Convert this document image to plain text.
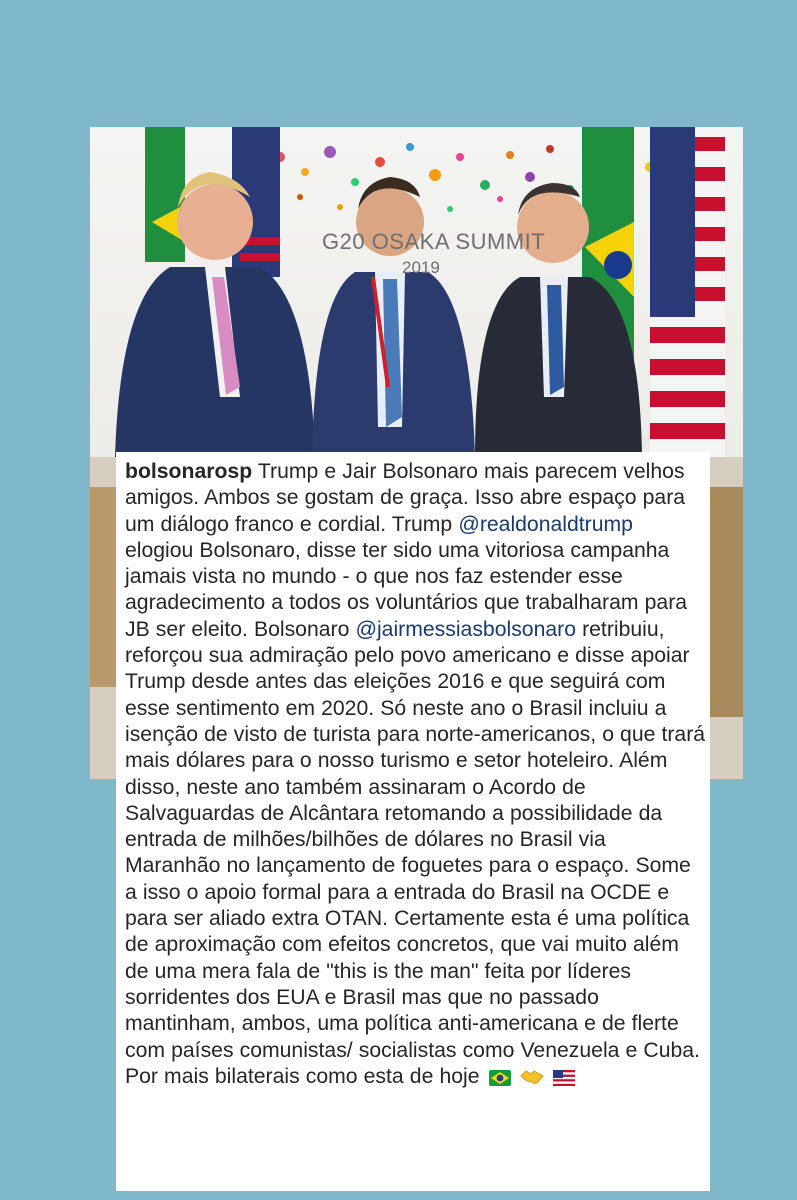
G20 OSAKA SUMMIT
2019

bolsonarosp Trump e Jair Bolsonaro mais parecem velhos amigos. Ambos se gostam de graça. Isso abre espaço para um diálogo franco e cordial. Trump @realdonaldtrump elogiou Bolsonaro, disse ter sido uma vitoriosa campanha jamais vista no mundo - o que nos faz estender esse agradecimento a todos os voluntários que trabalharam para JB ser eleito. Bolsonaro @jairmessiasbolsonaro retribuiu, reforçou sua admiração pelo povo americano e disse apoiar Trump desde antes das eleições 2016 e que seguirá com esse sentimento em 2020. Só neste ano o Brasil incluiu a isenção de visto de turista para norte-americanos, o que trará mais dólares para o nosso turismo e setor hoteleiro. Além disso, neste ano também assinaram o Acordo de Salvaguardas de Alcântara retomando a possibilidade da entrada de milhões/bilhões de dólares no Brasil via Maranhão no lançamento de foguetes para o espaço. Some a isso o apoio formal para a entrada do Brasil na OCDE e para ser aliado extra OTAN. Certamente esta é uma política de aproximação com efeitos concretos, que vai muito além de uma mera fala de "this is the man" feita por líderes sorridentes dos EUA e Brasil mas que no passado mantinham, ambos, uma política anti-americana e de flerte com países comunistas/ socialistas como Venezuela e Cuba. Por mais bilaterais como esta de hoje
